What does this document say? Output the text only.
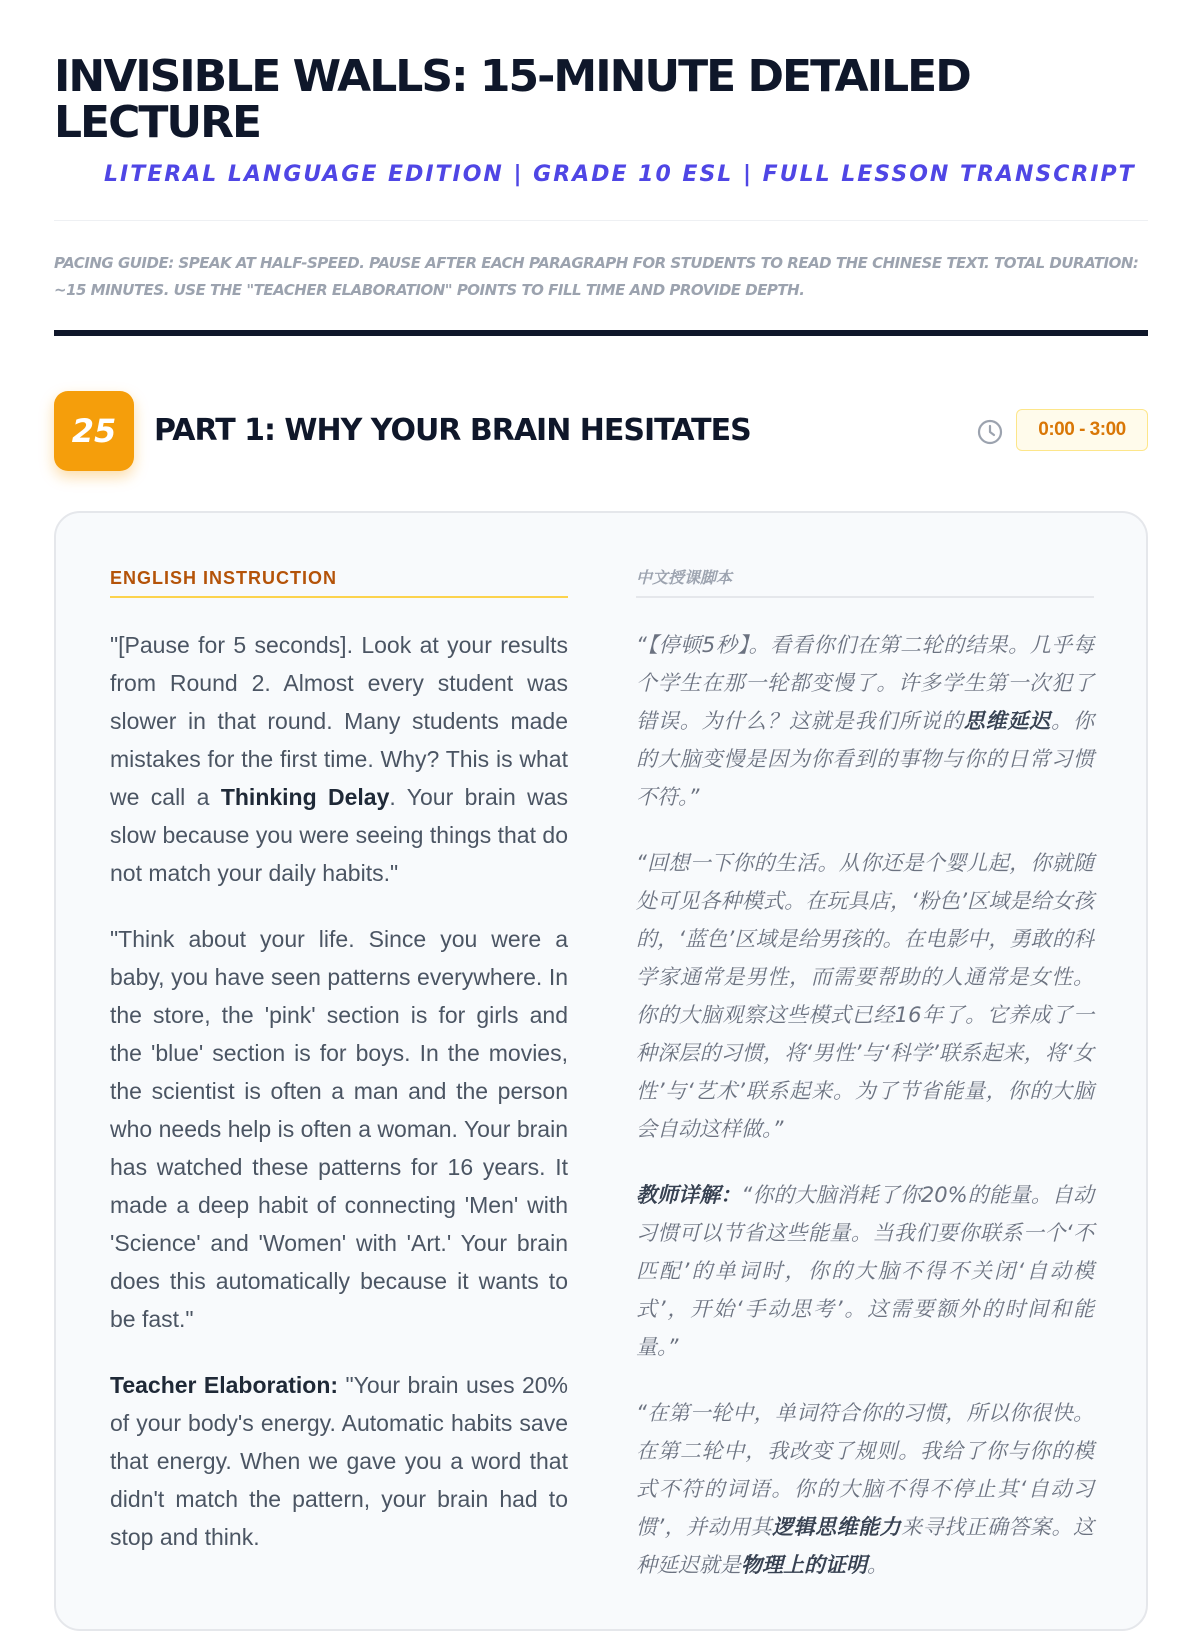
INVISIBLE WALLS: 15-MINUTE DETAILED LECTURE
LITERAL LANGUAGE EDITION | GRADE 10 ESL | FULL LESSON TRANSCRIPT
PACING GUIDE: SPEAK AT HALF-SPEED. PAUSE AFTER EACH PARAGRAPH FOR STUDENTS TO READ THE CHINESE TEXT. TOTAL DURATION: ~15 MINUTES. USE THE "TEACHER ELABORATION" POINTS TO FILL TIME AND PROVIDE DEPTH.
25	PART 1: WHY YOUR BRAIN HESITATES	0:00 - 3:00
ENGLISH INSTRUCTION

"[Pause for 5 seconds]. Look at your results from Round 2. Almost every student was slower in that round. Many students made mistakes for the first time. Why? This is what we call a Thinking Delay. Your brain was slow because you were seeing things that do not match your daily habits."

"Think about your life. Since you were a baby, you have seen patterns everywhere. In the store, the 'pink' section is for girls and the 'blue' section is for boys. In the movies, the scientist is often a man and the person who needs help is often a woman. Your brain has watched these patterns for 16 years. It made a deep habit of connecting 'Men' with 'Science' and 'Women' with 'Art.' Your brain does this automatically because it wants to be fast."

Teacher Elaboration: "Your brain uses 20% of your body's energy. Automatic habits save that energy. When we gave you a word that didn't match the pattern, your brain had to stop and think.

中文授课脚本

“【停顿5秒】。看看你们在第二轮的结果。几乎每个学生在那一轮都变慢了。许多学生第一次犯了错误。为什么？这就是我们所说的思维延迟。你的大脑变慢是因为你看到的事物与你的日常习惯不符。”

“回想一下你的生活。从你还是个婴儿起，你就随处可见各种模式。在玩具店，‘粉色’区域是给女孩的，‘蓝色’区域是给男孩的。在电影中，勇敢的科学家通常是男性，而需要帮助的人通常是女性。你的大脑观察这些模式已经16年了。它养成了一种深层的习惯，将‘男性’与‘科学’联系起来，将‘女性’与‘艺术’联系起来。为了节省能量，你的大脑会自动这样做。”

教师详解：“你的大脑消耗了你20%的能量。自动习惯可以节省这些能量。当我们要你联系一个‘不匹配’的单词时，你的大脑不得不关闭‘自动模式’，开始‘手动思考’。这需要额外的时间和能量。”

“在第一轮中，单词符合你的习惯，所以你很快。在第二轮中，我改变了规则。我给了你与你的模式不符的词语。你的大脑不得不停止其‘自动习惯’，并动用其逻辑思维能力来寻找正确答案。这种延迟就是物理上的证明。
